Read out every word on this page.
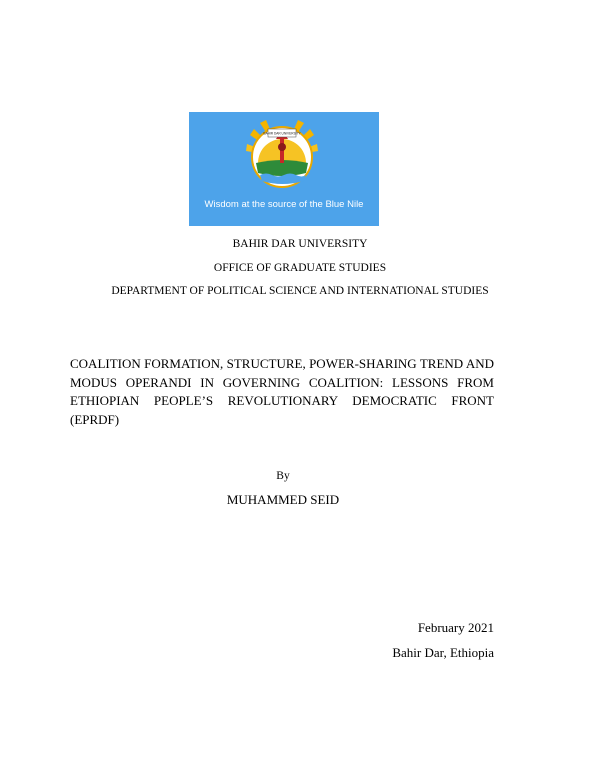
BAHIR DAR UNIVERSITY
Wisdom at the source of the Blue Nile
BAHIR DAR UNIVERSITY
OFFICE OF GRADUATE STUDIES
DEPARTMENT OF POLITICAL SCIENCE AND INTERNATIONAL STUDIES
COALITION FORMATION, STRUCTURE, POWER-SHARING TREND AND MODUS OPERANDI IN GOVERNING COALITION: LESSONS FROM ETHIOPIAN PEOPLE’S REVOLUTIONARY DEMOCRATIC FRONT (EPRDF)
By
MUHAMMED SEID
February 2021
Bahir Dar, Ethiopia
